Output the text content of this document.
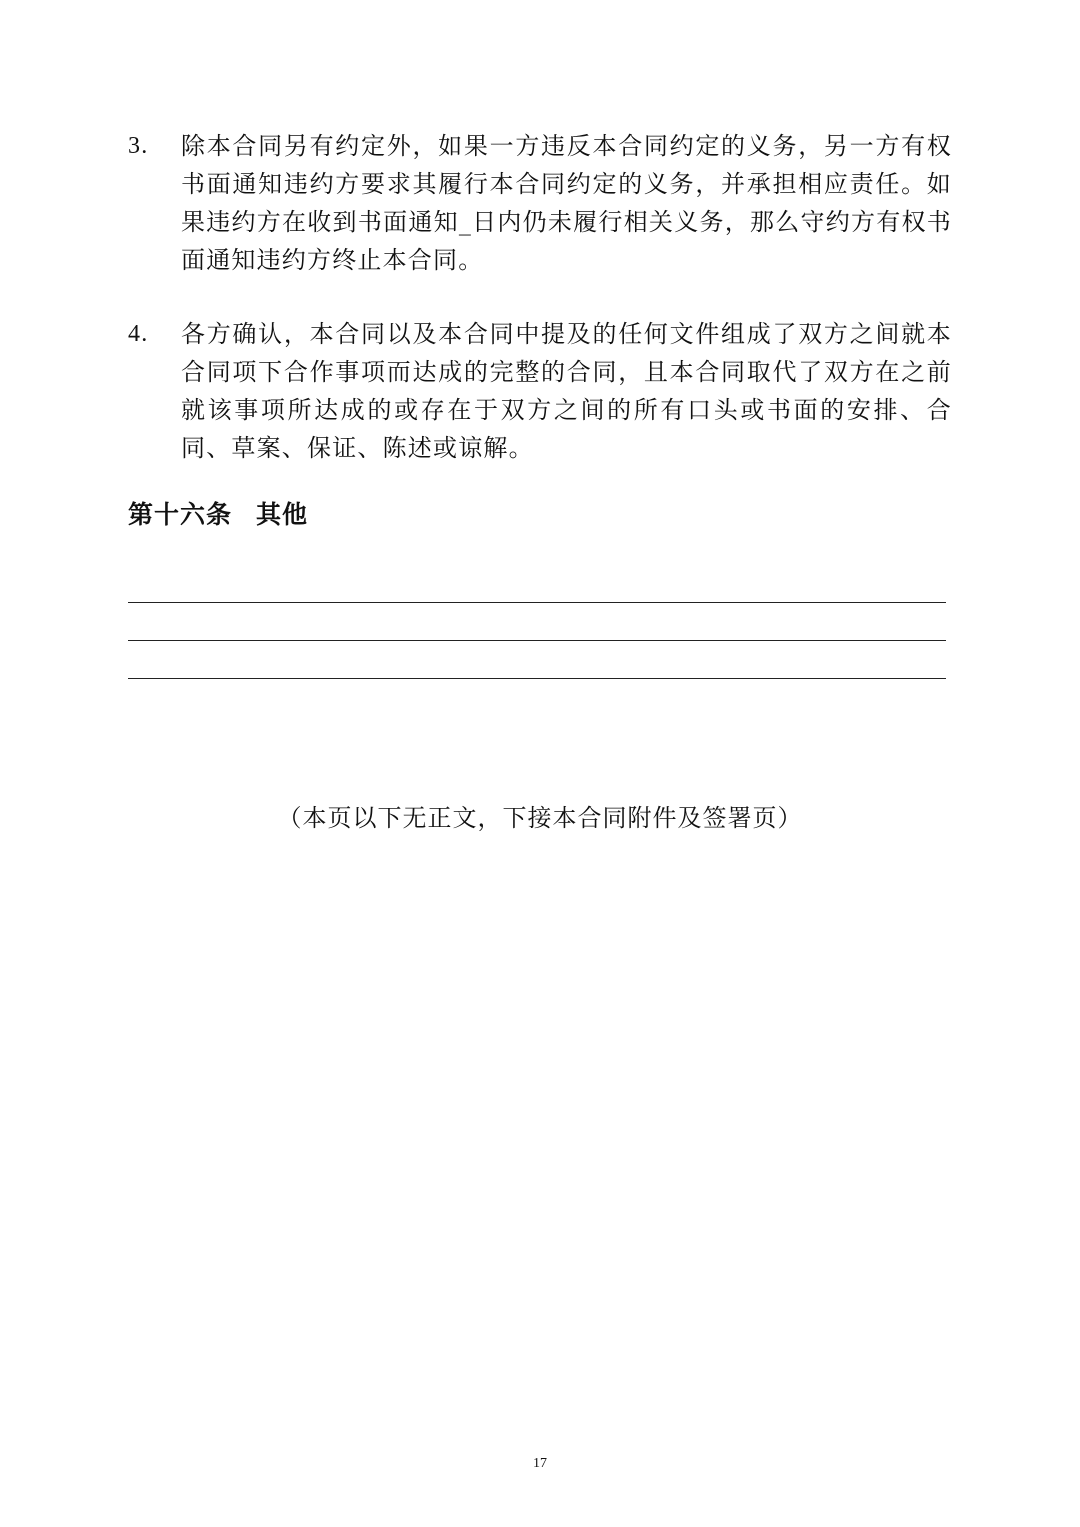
3.	除本合同另有约定外，如果一方违反本合同约定的义务，另一方有权书面通知违约方要求其履行本合同约定的义务，并承担相应责任。如果违约方在收到书面通知_日内仍未履行相关义务，那么守约方有权书面通知违约方终止本合同。
4.	各方确认，本合同以及本合同中提及的任何文件组成了双方之间就本合同项下合作事项而达成的完整的合同，且本合同取代了双方在之前就该事项所达成的或存在于双方之间的所有口头或书面的安排、合同、草案、保证、陈述或谅解。
第十六条 其他
（本页以下无正文，下接本合同附件及签署页）
17
